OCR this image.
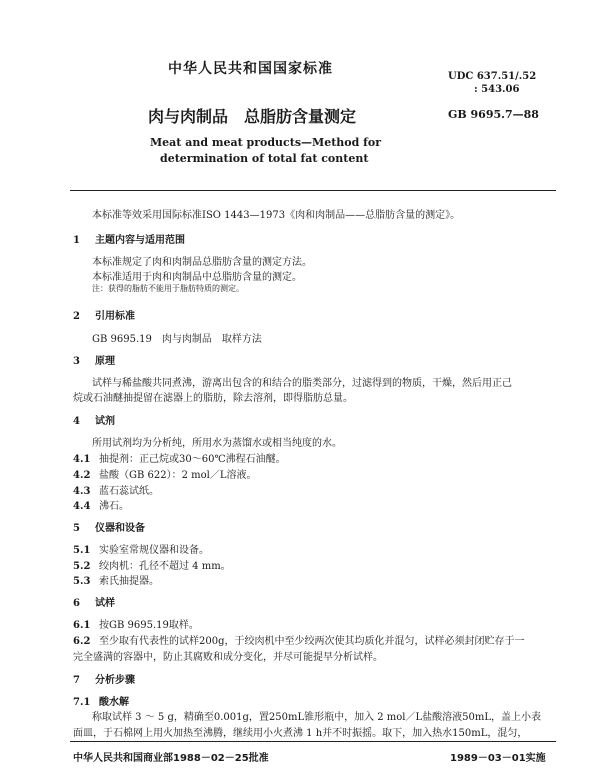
中华人民共和国国家标准	UDC 637.51/.52
: 543.06
肉与肉制品　总脂肪含量测定	GB 9695.7—88
Meat and meat products—Method for
determination of total fat content
本标准等效采用国际标准ISO 1443—1973《肉和肉制品——总脂肪含量的测定》。
1 主题内容与适用范围
本标准规定了肉和肉制品总脂肪含量的测定方法。
本标准适用于肉和肉制品中总脂肪含量的测定。
注：获得的脂肪不能用于脂肪特质的测定。
2 引用标准
GB 9695.19　肉与肉制品　取样方法
3 原理
试样与稀盐酸共同煮沸，游离出包含的和结合的脂类部分，过滤得到的物质，干燥，然后用正己
烷或石油醚抽提留在滤器上的脂肪，除去溶剂，即得脂肪总量。
4 试剂
所用试剂均为分析纯，所用水为蒸馏水或相当纯度的水。
4.1 抽提剂：正己烷或30～60℃沸程石油醚。
4.2 盐酸（GB 622）：2 mol／L溶液。
4.3 蓝石蕊试纸。
4.4 沸石。
5 仪器和设备
5.1 实验室常规仪器和设备。
5.2 绞肉机：孔径不超过 4 mm。
5.3 索氏抽提器。
6 试样
6.1 按GB 9695.19取样。
6.2 至少取有代表性的试样200g，于绞肉机中至少绞两次使其均质化并混匀，试样必须封闭贮存于一
完全盛满的容器中，防止其腐败和成分变化，并尽可能提早分析试样。
7 分析步骤
7.1 酸水解
称取试样 3 ～ 5 g，精确至0.001g，置250mL锥形瓶中，加入 2 mol／L盐酸溶液50mL，盖上小表
面皿，于石棉网上用火加热至沸腾，继续用小火煮沸 1 h并不时振摇。取下，加入热水150mL，混匀，
中华人民共和国商业部1988－02－25批准	1989－03－01实施
